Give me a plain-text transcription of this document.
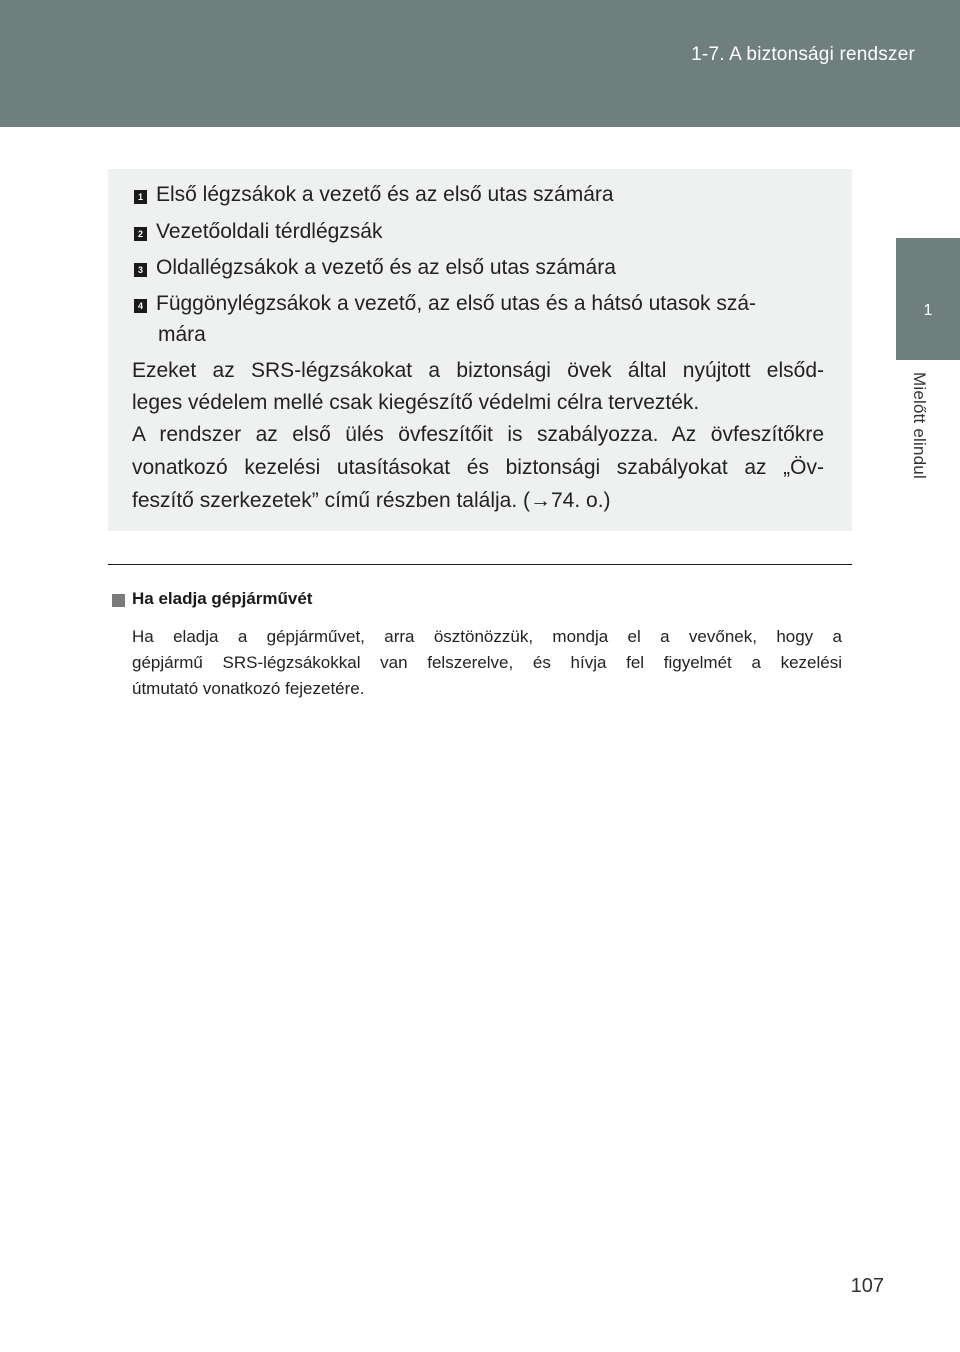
1-7. A biztonsági rendszer
1
Mielőtt elindul
1 Első légzsákok a vezető és az első utas számára
2 Vezetőoldali térdlégzsák
3 Oldallégzsákok a vezető és az első utas számára
4 Függönylégzsákok a vezető, az első utas és a hátsó utasok szá-
mára
Ezeket az SRS-légzsákokat a biztonsági övek által nyújtott elsőd-
leges védelem mellé csak kiegészítő védelmi célra tervezték.
A rendszer az első ülés övfeszítőit is szabályozza. Az övfeszítőkre
vonatkozó kezelési utasításokat és biztonsági szabályokat az „Öv-
feszítő szerkezetek” című részben találja. (→74. o.)
Ha eladja gépjárművét
Ha eladja a gépjárművet, arra ösztönözzük, mondja el a vevőnek, hogy a
gépjármű SRS-légzsákokkal van felszerelve, és hívja fel figyelmét a kezelési
útmutató vonatkozó fejezetére.
107
